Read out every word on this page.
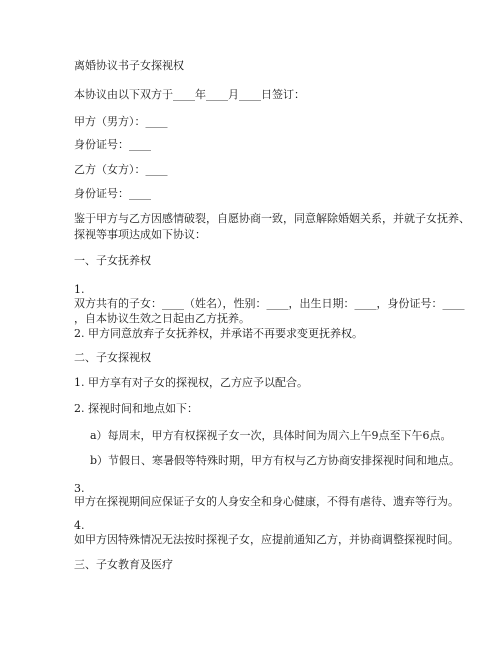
离婚协议书子女探视权
本协议由以下双方于____年____月____日签订：
甲方（男方）：____
身份证号：____
乙方（女方）：____
身份证号：____
鉴于甲方与乙方因感情破裂，自愿协商一致，同意解除婚姻关系，并就子女抚养、
探视等事项达成如下协议：
一、子女抚养权
1.
双方共有的子女：____（姓名），性别：____，出生日期：____，身份证号：____
，自本协议生效之日起由乙方抚养。
2. 甲方同意放弃子女抚养权，并承诺不再要求变更抚养权。
二、子女探视权
1. 甲方享有对子女的探视权，乙方应予以配合。
2. 探视时间和地点如下：
a）每周末，甲方有权探视子女一次，具体时间为周六上午9点至下午6点。
b）节假日、寒暑假等特殊时期，甲方有权与乙方协商安排探视时间和地点。
3.
甲方在探视期间应保证子女的人身安全和身心健康，不得有虐待、遗弃等行为。
4.
如甲方因特殊情况无法按时探视子女，应提前通知乙方，并协商调整探视时间。
三、子女教育及医疗
